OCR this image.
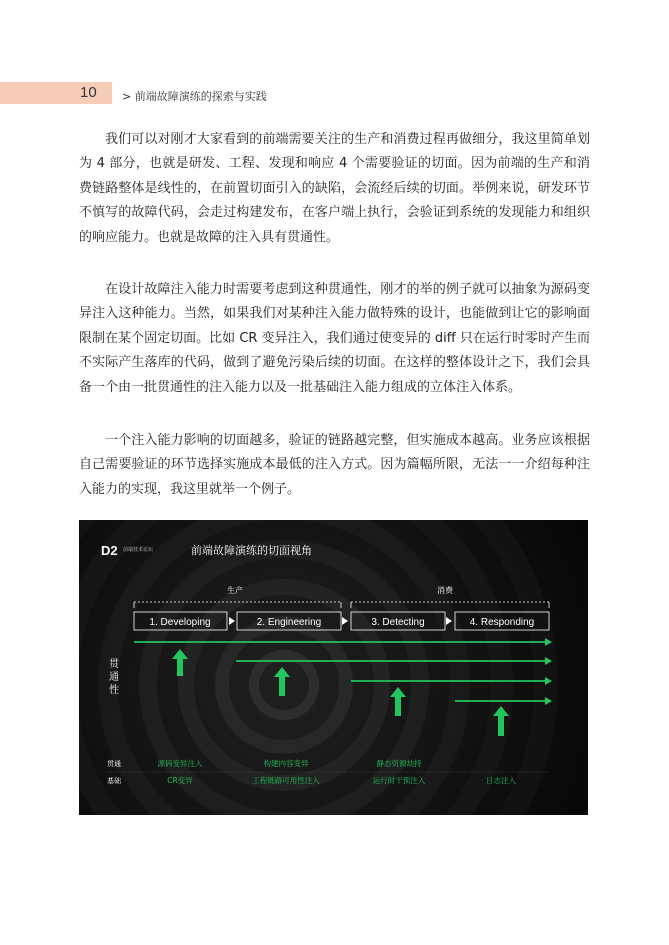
10 > 前端故障演练的探索与实践

我们可以对刚才大家看到的前端需要关注的生产和消费过程再做细分，我这里简单划为 4 部分，也就是研发、工程、发现和响应 4 个需要验证的切面。因为前端的生产和消费链路整体是线性的，在前置切面引入的缺陷，会流经后续的切面。举例来说，研发环节不慎写的故障代码，会走过构建发布，在客户端上执行，会验证到系统的发现能力和组织的响应能力。也就是故障的注入具有贯通性。

在设计故障注入能力时需要考虑到这种贯通性，刚才的举的例子就可以抽象为源码变异注入这种能力。当然，如果我们对某种注入能力做特殊的设计，也能做到让它的影响面限制在某个固定切面。比如 CR 变异注入，我们通过使变异的 diff 只在运行时零时产生而不实际产生落库的代码，做到了避免污染后续的切面。在这样的整体设计之下，我们会具备一个由一批贯通性的注入能力以及一批基础注入能力组成的立体注入体系。

一个注入能力影响的切面越多，验证的链路越完整，但实施成本越高。业务应该根据自己需要验证的环节选择实施成本最低的注入方式。因为篇幅所限，无法一一介绍每种注入能力的实现，我这里就举一个例子。

D2 前端技术论坛	前端故障演练的切面视角
生产	消费
1. Developing	2. Engineering	3. Detecting	4. Responding
贯
通
性
贯通	源码变异注入	构建内容变异	静态资源劫持
基础	CR变异	工程链路可用性注入	运行时干预注入	日志注入
